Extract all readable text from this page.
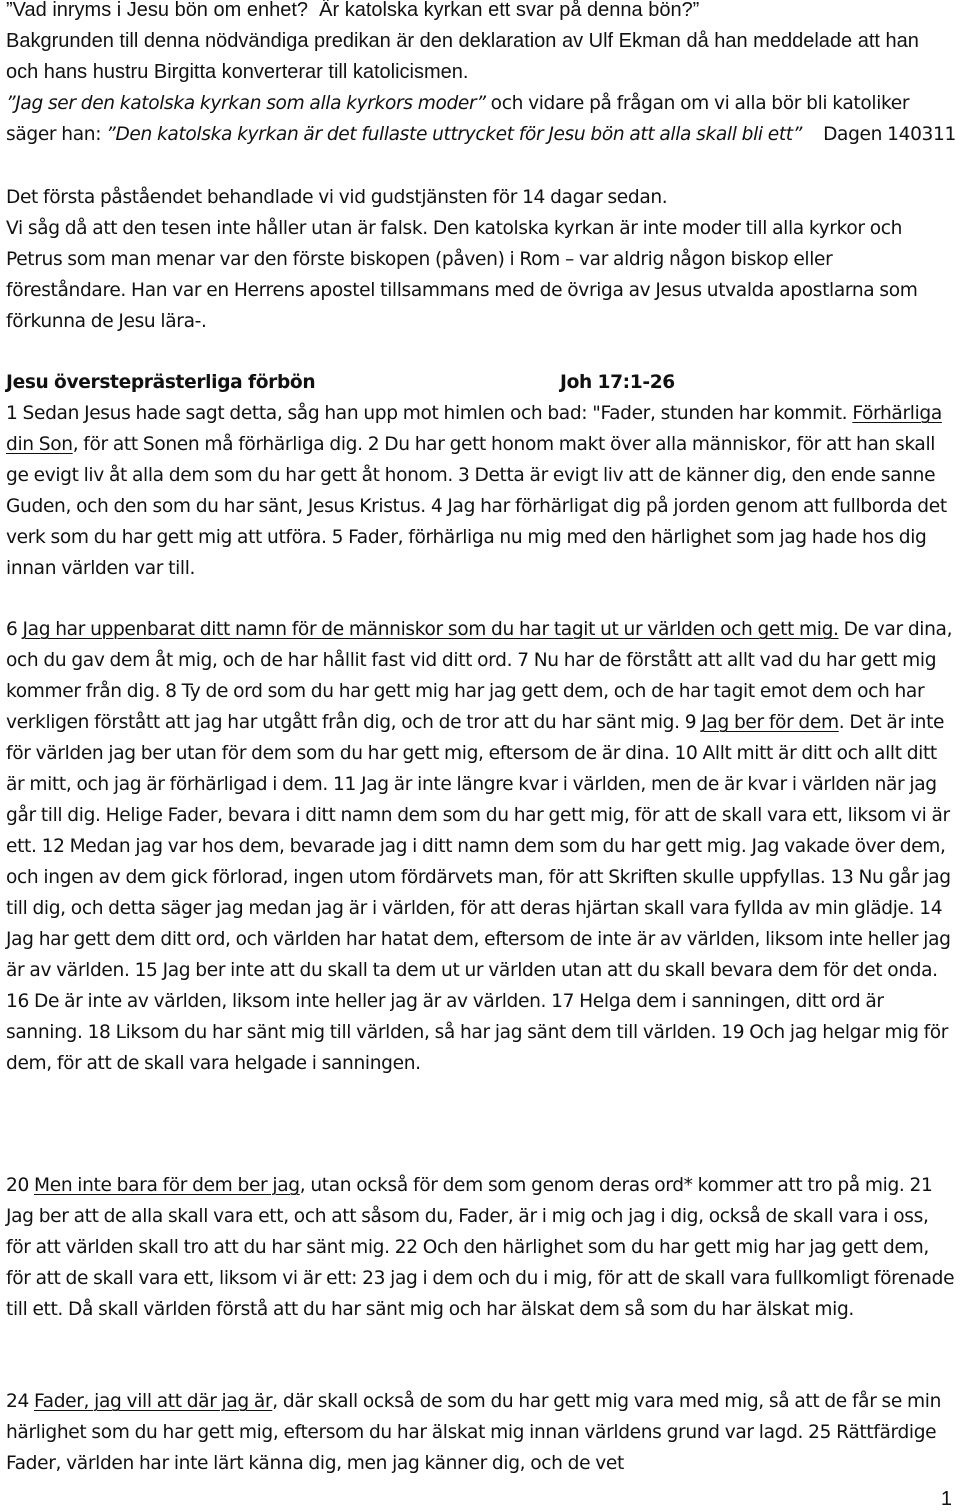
”Vad inryms i Jesu bön om enhet? Är katolska kyrkan ett svar på denna bön?”
Bakgrunden till denna nödvändiga predikan är den deklaration av Ulf Ekman då han meddelade att han och hans hustru Birgitta konverterar till katolicismen.

”Jag ser den katolska kyrkan som alla kyrkors moder” och vidare på frågan om vi alla bör bli katoliker säger han: ”Den katolska kyrkan är det fullaste uttrycket för Jesu bön att alla skall bli ett” Dagen 140311

Det första påståendet behandlade vi vid gudstjänsten för 14 dagar sedan.
Vi såg då att den tesen inte håller utan är falsk. Den katolska kyrkan är inte moder till alla kyrkor och Petrus som man menar var den förste biskopen (påven) i Rom – var aldrig någon biskop eller föreståndare. Han var en Herrens apostel tillsammans med de övriga av Jesus utvalda apostlarna som förkunna de Jesu lära-.

Jesu översteprästerliga förbön	Joh 17:1-26

1 Sedan Jesus hade sagt detta, såg han upp mot himlen och bad: "Fader, stunden har kommit. Förhärliga din Son, för att Sonen må förhärliga dig. 2 Du har gett honom makt över alla människor, för att han skall ge evigt liv åt alla dem som du har gett åt honom. 3 Detta är evigt liv att de känner dig, den ende sanne Guden, och den som du har sänt, Jesus Kristus. 4 Jag har förhärligat dig på jorden genom att fullborda det verk som du har gett mig att utföra. 5 Fader, förhärliga nu mig med den härlighet som jag hade hos dig innan världen var till.

6 Jag har uppenbarat ditt namn för de människor som du har tagit ut ur världen och gett mig. De var dina, och du gav dem åt mig, och de har hållit fast vid ditt ord. 7 Nu har de förstått att allt vad du har gett mig kommer från dig. 8 Ty de ord som du har gett mig har jag gett dem, och de har tagit emot dem och har verkligen förstått att jag har utgått från dig, och de tror att du har sänt mig. 9 Jag ber för dem. Det är inte för världen jag ber utan för dem som du har gett mig, eftersom de är dina. 10 Allt mitt är ditt och allt ditt är mitt, och jag är förhärligad i dem. 11 Jag är inte längre kvar i världen, men de är kvar i världen när jag går till dig. Helige Fader, bevara i ditt namn dem som du har gett mig, för att de skall vara ett, liksom vi är ett. 12 Medan jag var hos dem, bevarade jag i ditt namn dem som du har gett mig. Jag vakade över dem, och ingen av dem gick förlorad, ingen utom fördärvets man, för att Skriften skulle uppfyllas. 13 Nu går jag till dig, och detta säger jag medan jag är i världen, för att deras hjärtan skall vara fyllda av min glädje. 14 Jag har gett dem ditt ord, och världen har hatat dem, eftersom de inte är av världen, liksom inte heller jag är av världen. 15 Jag ber inte att du skall ta dem ut ur världen utan att du skall bevara dem för det onda. 16 De är inte av världen, liksom inte heller jag är av världen. 17 Helga dem i sanningen, ditt ord är sanning. 18 Liksom du har sänt mig till världen, så har jag sänt dem till världen. 19 Och jag helgar mig för dem, för att de skall vara helgade i sanningen.

20 Men inte bara för dem ber jag, utan också för dem som genom deras ord* kommer att tro på mig. 21 Jag ber att de alla skall vara ett, och att såsom du, Fader, är i mig och jag i dig, också de skall vara i oss, för att världen skall tro att du har sänt mig. 22 Och den härlighet som du har gett mig har jag gett dem, för att de skall vara ett, liksom vi är ett: 23 jag i dem och du i mig, för att de skall vara fullkomligt förenade till ett. Då skall världen förstå att du har sänt mig och har älskat dem så som du har älskat mig.

24 Fader, jag vill att där jag är, där skall också de som du har gett mig vara med mig, så att de får se min härlighet som du har gett mig, eftersom du har älskat mig innan världens grund var lagd. 25 Rättfärdige Fader, världen har inte lärt känna dig, men jag känner dig, och de vet

1
